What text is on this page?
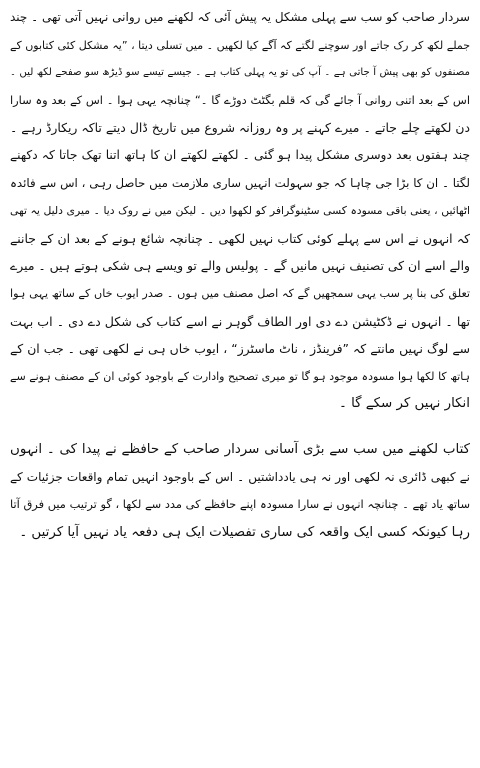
سردار صاحب کو سب سے پہلی مشکل یہ پیش آئی کہ لکھنے میں روانی نہیں آتی تھی ۔ چند
جملے لکھ کر رک جاتے اور سوچنے لگتے کہ آگے کیا لکھیں ۔ میں تسلی دیتا ، ”یہ مشکل کئی کتابوں کے
مصنفوں کو بھی پیش آ جاتی ہے ۔ آپ کی تو یہ پہلی کتاب ہے ۔ جیسے تیسے سو ڈیڑھ سو صفحے لکھ لیں ۔
اس کے بعد اتنی روانی آ جائے گی کہ قلم بگٹٹ دوڑے گا ۔“ چنانچہ یہی ہوا ۔ اس کے بعد وہ سارا
دن لکھتے چلے جاتے ۔ میرے کہنے پر وہ روزانہ شروع میں تاریخ ڈال دیتے تاکہ ریکارڈ رہے ۔
چند ہفتوں بعد دوسری مشکل پیدا ہو گئی ۔ لکھتے لکھتے ان کا ہاتھ اتنا تھک جاتا کہ دکھنے
لگتا ۔ ان کا بڑا جی چاہا کہ جو سہولت انہیں ساری ملازمت میں حاصل رہی ، اس سے فائدہ
اٹھائیں ، یعنی باقی مسودہ کسی سٹینوگرافر کو لکھوا دیں ۔ لیکن میں نے روک دیا ۔ میری دلیل یہ تھی
کہ انہوں نے اس سے پہلے کوئی کتاب نہیں لکھی ۔ چنانچہ شائع ہونے کے بعد ان کے جاننے
والے اسے ان کی تصنیف نہیں مانیں گے ۔ پولیس والے تو ویسے ہی شکی ہوتے ہیں ۔ میرے
تعلق کی بنا پر سب یہی سمجھیں گے کہ اصل مصنف میں ہوں ۔ صدر ایوب خاں کے ساتھ یہی ہوا
تھا ۔ انہوں نے ڈکٹیشن دے دی اور الطاف گوہر نے اسے کتاب کی شکل دے دی ۔ اب بہت
سے لوگ نہیں مانتے کہ ”فرینڈز ، ناٹ ماسٹرز“ ، ایوب خاں ہی نے لکھی تھی ۔ جب ان کے
ہاتھ کا لکھا ہوا مسودہ موجود ہو گا تو میری تصحیح وادارت کے باوجود کوئی ان کے مصنف ہونے سے
انکار نہیں کر سکے گا ۔
کتاب لکھنے میں سب سے بڑی آسانی سردار صاحب کے حافظے نے پیدا کی ۔ انہوں
نے کبھی ڈائری نہ لکھی اور نہ ہی یادداشتیں ۔ اس کے باوجود انہیں تمام واقعات جزئیات کے
ساتھ یاد تھے ۔ چنانچہ انہوں نے سارا مسودہ اپنے حافظے کی مدد سے لکھا ، گو ترتیب میں فرق آتا
رہا کیونکہ کسی ایک واقعہ کی ساری تفصیلات ایک ہی دفعہ یاد نہیں آیا کرتیں ۔
